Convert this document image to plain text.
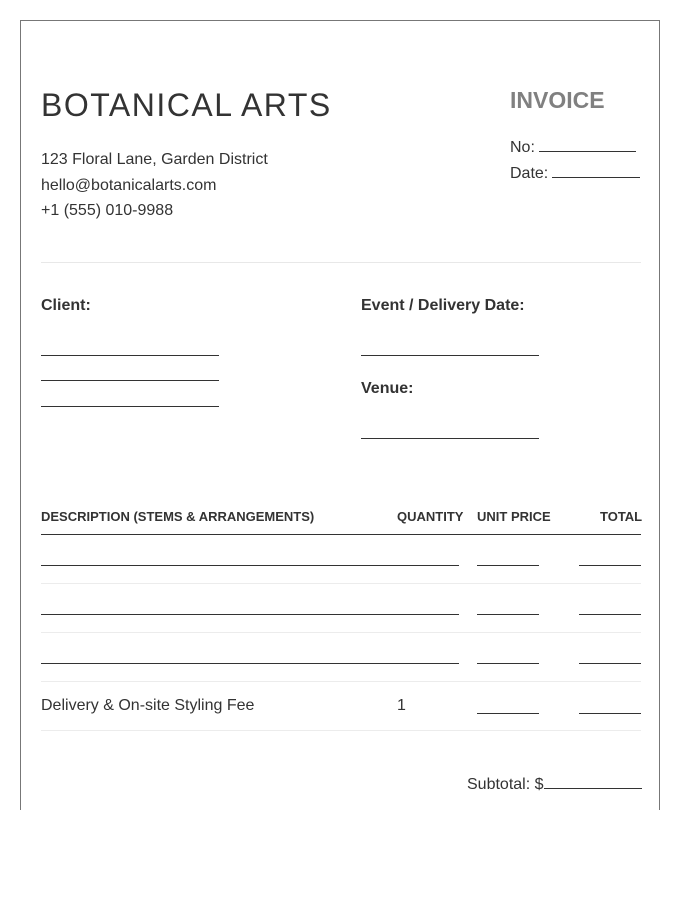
BOTANICAL ARTS
123 Floral Lane, Garden District
hello@botanicalarts.com
+1 (555) 010-9988
INVOICE
No:
Date:
Client:	Event / Delivery Date:
Venue:
DESCRIPTION (STEMS & ARRANGEMENTS)	QUANTITY UNIT PRICE	TOTAL
Delivery & On-site Styling Fee	1
Subtotal: $
